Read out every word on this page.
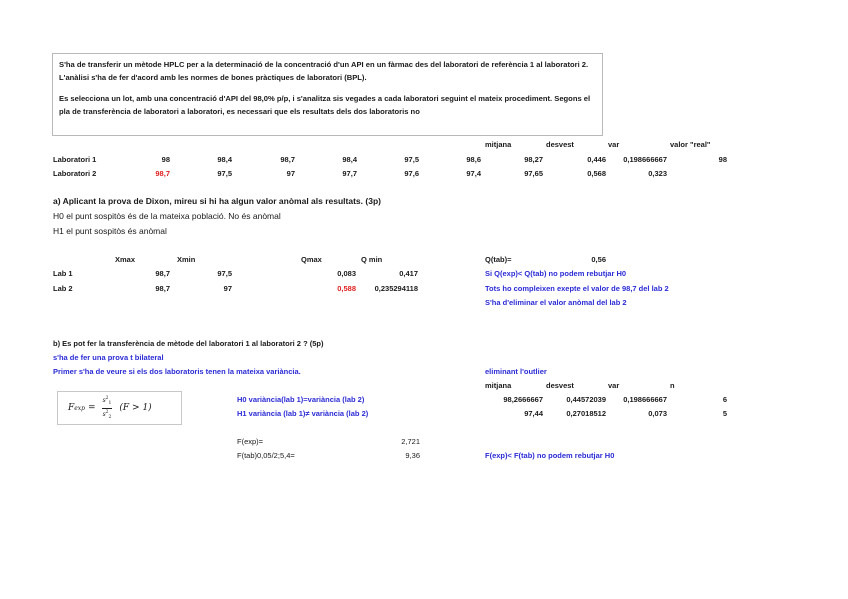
S'ha de transferir un mètode HPLC per a la determinació de la concentració d'un API en un fàrmac des del laboratori de referència 1 al laboratori 2. L'anàlisi s'ha de fer d'acord amb les normes de bones pràctiques de laboratori (BPL).

Es selecciona un lot, amb una concentració d'API del 98,0% p/p, i s'analitza sis vegades a cada laboratori seguint el mateix procediment. Segons el pla de transferència de laboratori a laboratori, es necessari que els resultats dels dos laboratoris no

mitjana	desvest	var	valor "real"
Laboratori 1	98	98,4	98,7	98,4	97,5	98,6	98,27	0,446	0,198666667	98
Laboratori 2	98,7	97,5	97	97,7	97,6	97,4	97,65	0,568	0,323
a) Aplicant la prova de Dixon, mireu si hi ha algun valor anòmal als resultats. (3p)
H0 el punt sospitòs és de la mateixa població. No és anòmal
H1 el punt sospitòs és anòmal
Xmax	Xmin	Qmax	Q min	Q(tab)=	0,56
Lab 1	98,7	97,5	0,083	0,417
Lab 2	98,7	97	0,588	0,235294118
Si Q(exp)< Q(tab) no podem rebutjar H0
Tots ho compleixen exepte el valor de 98,7 del lab 2
S'ha d'eliminar el valor anòmal del lab 2
b) Es pot fer la transferència de mètode del laboratori 1 al laboratori 2 ? (5p)
s'ha de fer una prova t bilateral
Primer s'ha de veure si els dos laboratoris tenen la mateixa variància.	eliminant l'outlier
mitjana	desvest	var	n
98,2666667	0,44572039	0,198666667	6
97,44	0,27018512	0,073	5
F $\exp = \frac{s^2_1}{s^2_2} (F > 1)$
H0 variància(lab 1)=variància (lab 2)
H1 variància (lab 1)≠ variància (lab 2)
F(exp)=	2,721
F(tab)0,05/2;5,4=	9,36	F(exp)< F(tab) no podem rebutjar H0
